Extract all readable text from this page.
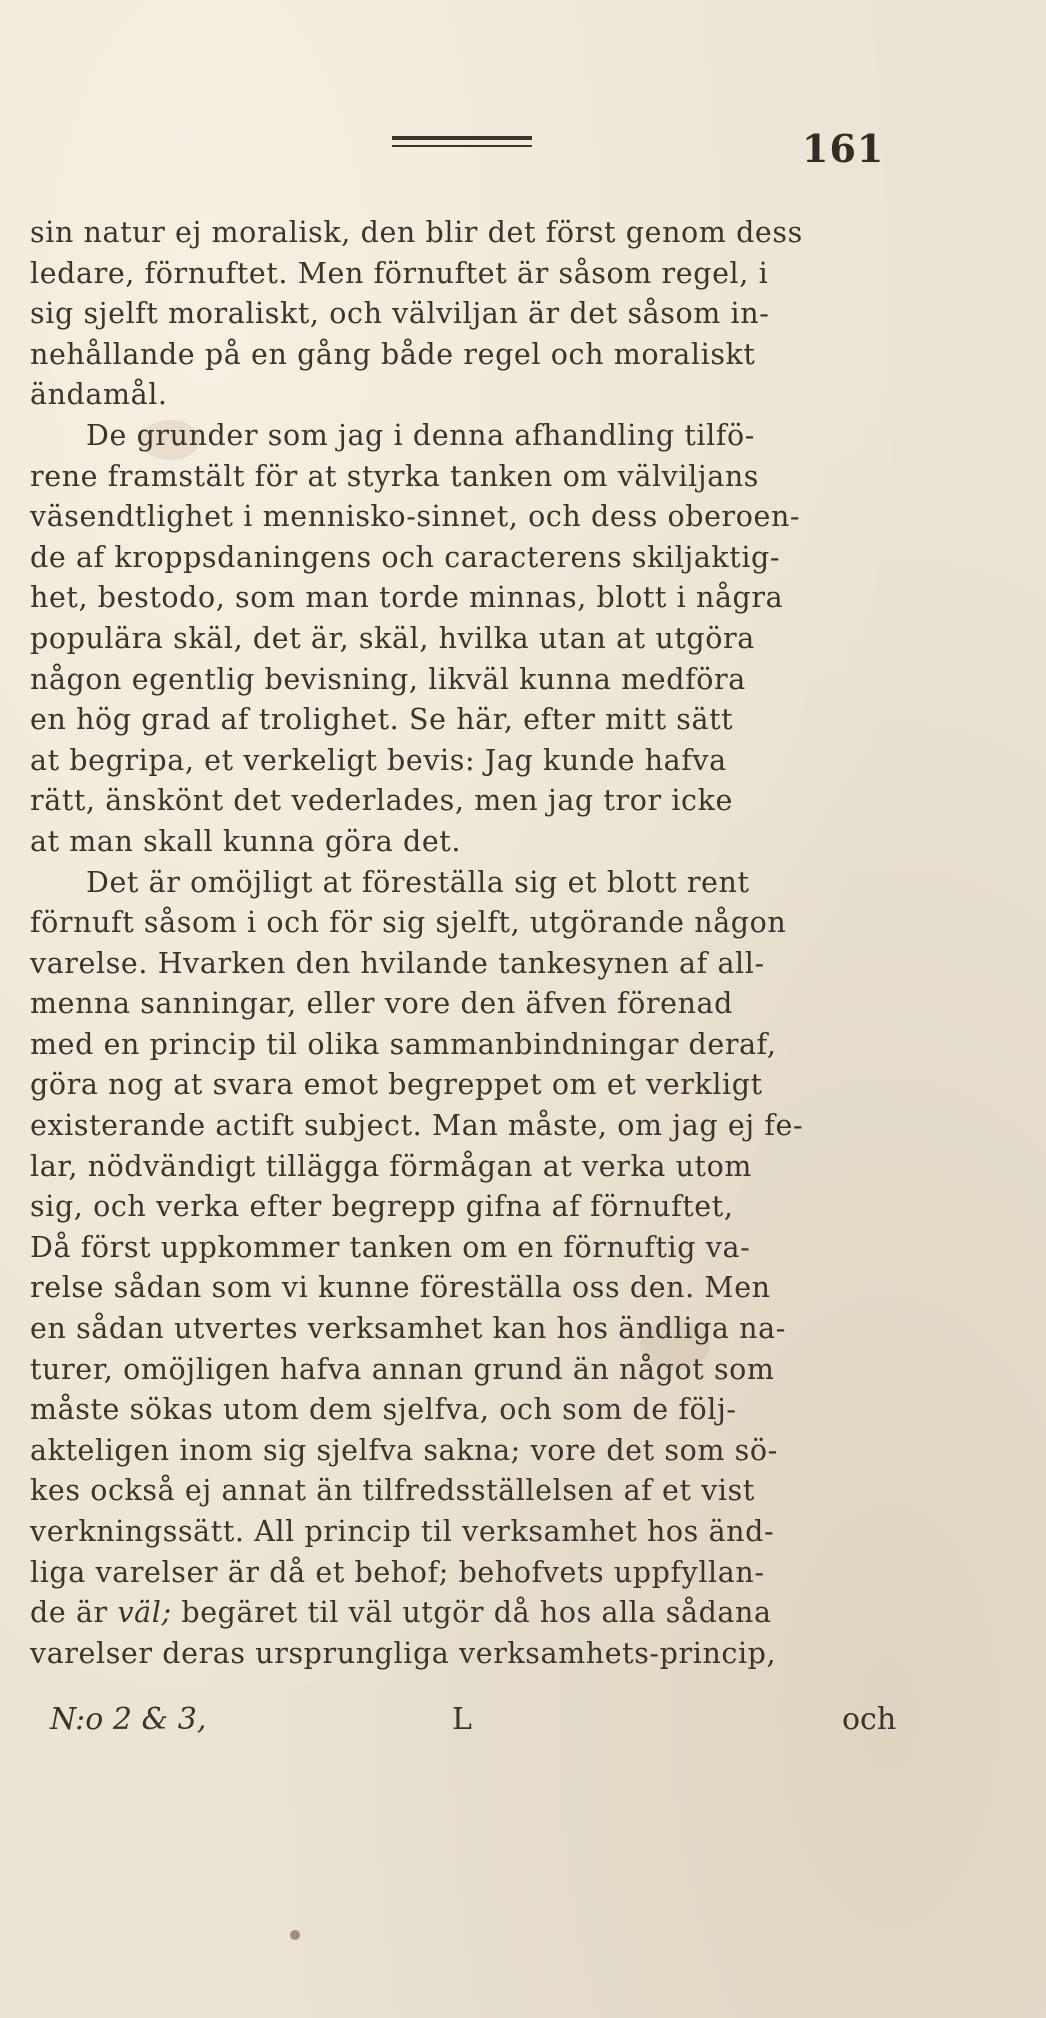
161
sin natur ej moralisk, den blir det först genom dess
ledare, förnuftet. Men förnuftet är såsom regel, i
sig sjelft moraliskt, och välviljan är det såsom in-
nehållande på en gång både regel och moraliskt
ändamål.
De grunder som jag i denna afhandling tilfö-
rene framstält för at styrka tanken om välviljans
väsendtlighet i mennisko-sinnet, och dess oberoen-
de af kroppsdaningens och caracterens skiljaktig-
het, bestodo, som man torde minnas, blott i några
populära skäl, det är, skäl, hvilka utan at utgöra
någon egentlig bevisning, likväl kunna medföra
en hög grad af trolighet. Se här, efter mitt sätt
at begripa, et verkeligt bevis: Jag kunde hafva
rätt, änskönt det vederlades, men jag tror icke
at man skall kunna göra det.
Det är omöjligt at föreställa sig et blott rent
förnuft såsom i och för sig sjelft, utgörande någon
varelse. Hvarken den hvilande tankesynen af all-
menna sanningar, eller vore den äfven förenad
med en princip til olika sammanbindningar deraf,
göra nog at svara emot begreppet om et verkligt
existerande actift subject. Man måste, om jag ej fe-
lar, nödvändigt tillägga förmågan at verka utom
sig, och verka efter begrepp gifna af förnuftet,
Då först uppkommer tanken om en förnuftig va-
relse sådan som vi kunne föreställa oss den. Men
en sådan utvertes verksamhet kan hos ändliga na-
turer, omöjligen hafva annan grund än något som
måste sökas utom dem sjelfva, och som de följ-
akteligen inom sig sjelfva sakna; vore det som sö-
kes också ej annat än tilfredsställelsen af et vist
verkningssätt. All princip til verksamhet hos änd-
liga varelser är då et behof; behofvets uppfyllan-
de är väl; begäret til väl utgör då hos alla sådana
varelser deras ursprungliga verksamhets-princip,
N:o 2 & 3,	L	och
